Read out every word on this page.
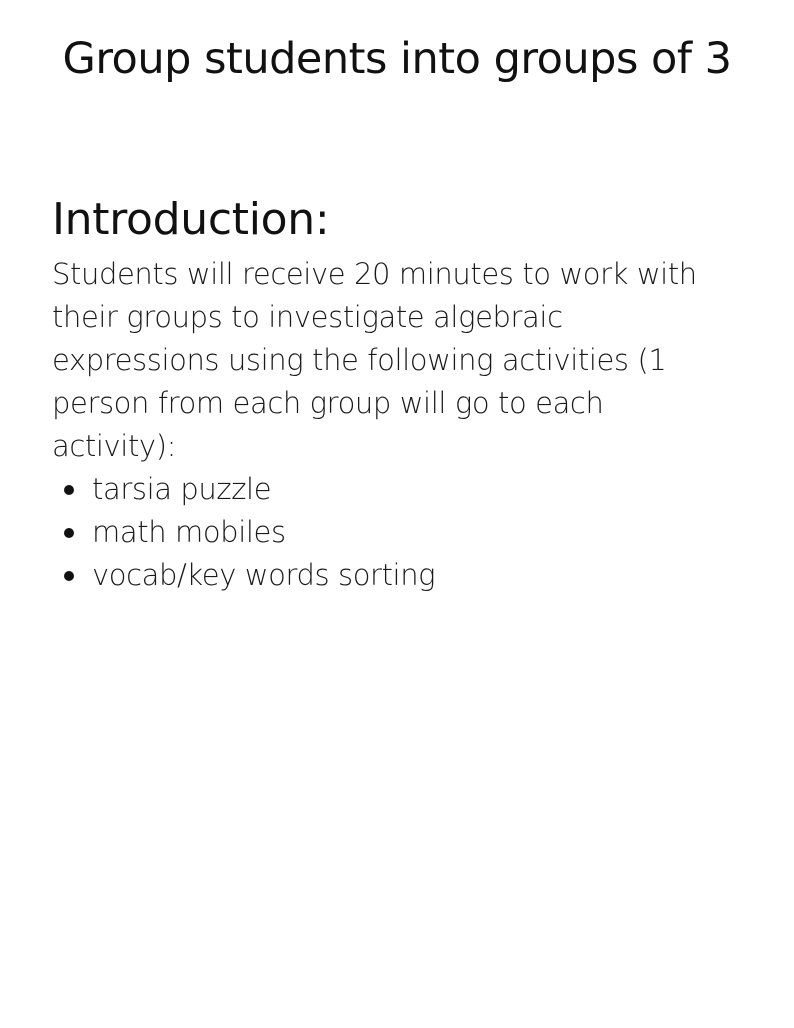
Group students into groups of 3
Introduction:

Students will receive 20 minutes to work with their groups to investigate algebraic expressions using the following activities (1 person from each group will go to each activity):

tarsia puzzle
math mobiles
vocab/key words sorting
